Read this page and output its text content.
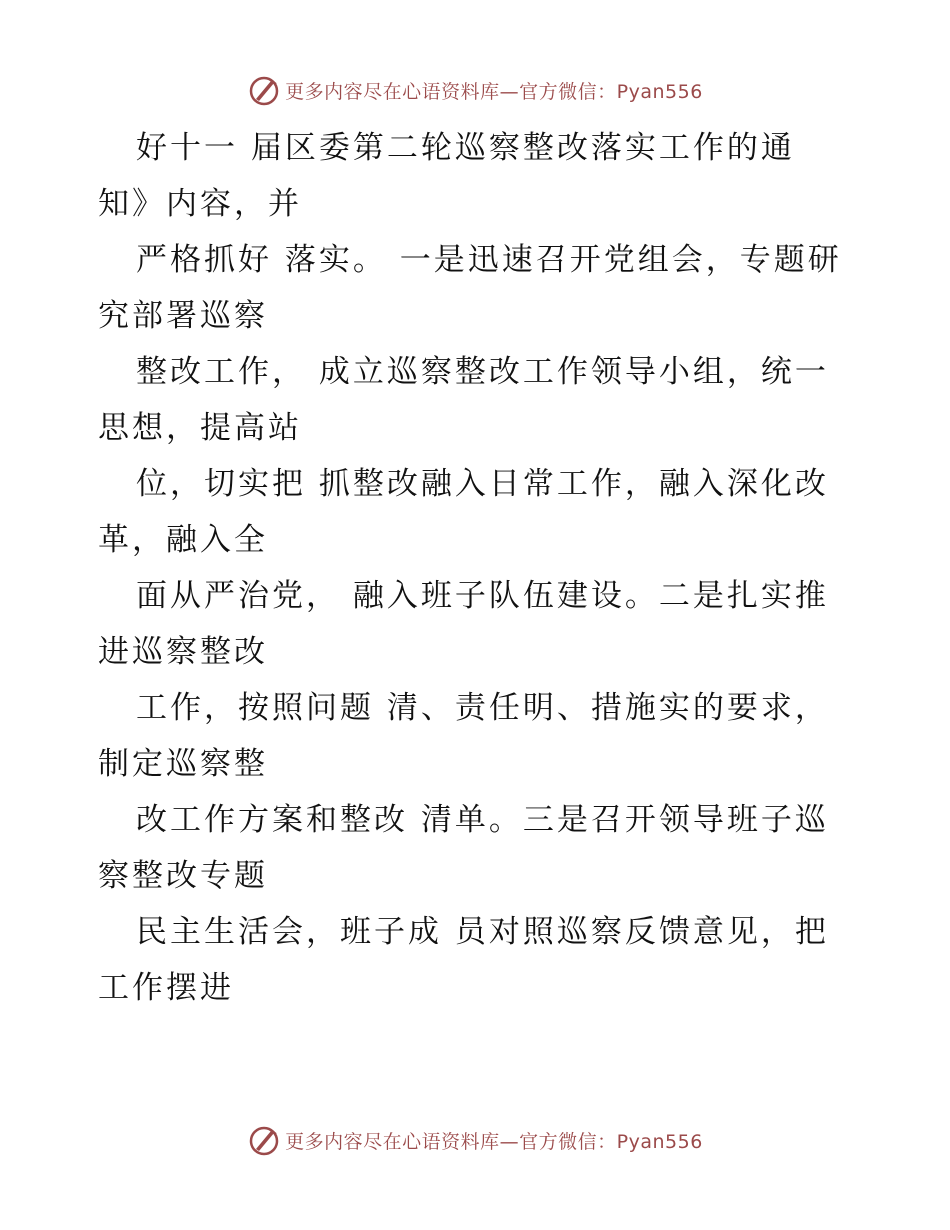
更多内容尽在心语资料库—官方微信：Pyan556
好十一 届区委第二轮巡察整改落实工作的通
知》内容，并
严格抓好 落实。 一是迅速召开党组会，专题研
究部署巡察
整改工作， 成立巡察整改工作领导小组，统一
思想，提高站
位，切实把 抓整改融入日常工作，融入深化改
革，融入全
面从严治党， 融入班子队伍建设。二是扎实推
进巡察整改
工作，按照问题 清、责任明、措施实的要求，
制定巡察整
改工作方案和整改 清单。三是召开领导班子巡
察整改专题
民主生活会，班子成 员对照巡察反馈意见，把
工作摆进
更多内容尽在心语资料库—官方微信：Pyan556
